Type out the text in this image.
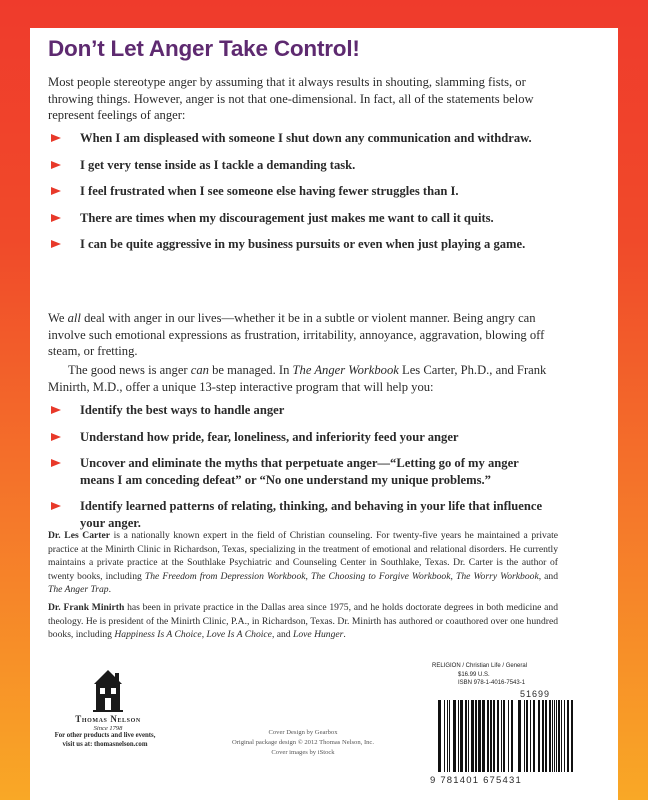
Don’t Let Anger Take Control!

Most people stereotype anger by assuming that it always results in shouting, slamming fists, or throwing things. However, anger is not that one-dimensional. In fact, all of the statements below represent feelings of anger:

When I am displeased with someone I shut down any communication and withdraw.
I get very tense inside as I tackle a demanding task.
I feel frustrated when I see someone else having fewer struggles than I.
There are times when my discouragement just makes me want to call it quits.
I can be quite aggressive in my business pursuits or even when just playing a game.

We all deal with anger in our lives—whether it be in a subtle or violent manner. Being angry can involve such emotional expressions as frustration, irritability, annoyance, aggravation, blowing off steam, or fretting.

The good news is anger can be managed. In The Anger Workbook Les Carter, Ph.D., and Frank Minirth, M.D., offer a unique 13-step interactive program that will help you:

Identify the best ways to handle anger
Understand how pride, fear, loneliness, and inferiority feed your anger
Uncover and eliminate the myths that perpetuate anger—“Letting go of my anger means I am conceding defeat” or “No one understand my unique problems.”
Identify learned patterns of relating, thinking, and behaving in your life that influence your anger.

Dr. Les Carter is a nationally known expert in the field of Christian counseling. For twenty-five years he maintained a private practice at the Minirth Clinic in Richardson, Texas, specializing in the treatment of emotional and relational disorders. He currently maintains a private practice at the Southlake Psychiatric and Counseling Center in Southlake, Texas. Dr. Carter is the author of twenty books, including The Freedom from Depression Workbook, The Choosing to Forgive Workbook, The Worry Workbook, and The Anger Trap.

Dr. Frank Minirth has been in private practice in the Dallas area since 1975, and he holds doctorate degrees in both medicine and theology. He is president of the Minirth Clinic, P.A., in Richardson, Texas. Dr. Minirth has authored or coauthored over one hundred books, including Happiness Is A Choice, Love Is A Choice, and Love Hunger.

Thomas Nelson
Since 1798
For other products and live events,
visit us at: thomasnelson.com
Cover Design by Gearbox
Original package design © 2012 Thomas Nelson, Inc.
Cover images by iStock
RELIGION / Christian Life / General
$16.99 U.S.
ISBN 978-1-4016-7543-1
51699
9 781401 675431
